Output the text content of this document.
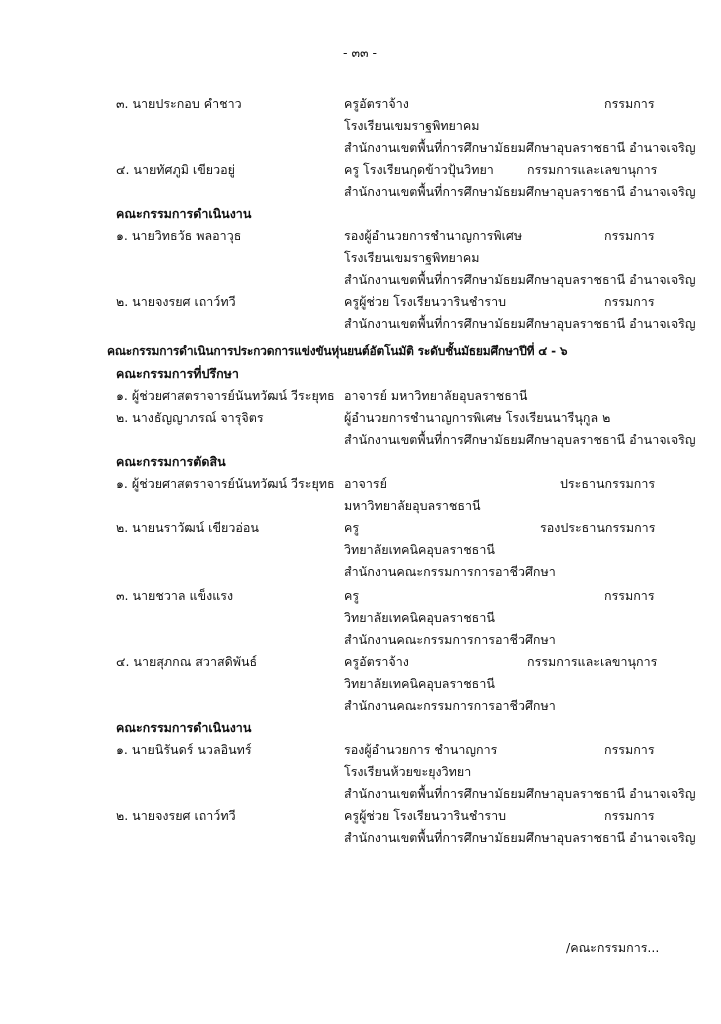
- ๓๓ -
๓. นายประกอบ คำชาว	ครูอัตราจ้าง	กรรมการ
โรงเรียนเขมราฐพิทยาคม
สำนักงานเขตพื้นที่การศึกษามัธยมศึกษาอุบลราชธานี อำนาจเจริญ
๔. นายทัศภูมิ เขียวอยู่	ครู โรงเรียนกุดข้าวปุ้นวิทยา	กรรมการและเลขานุการ
สำนักงานเขตพื้นที่การศึกษามัธยมศึกษาอุบลราชธานี อำนาจเจริญ
คณะกรรมการดำเนินงาน
๑. นายวิทธวัธ พลอาวุธ	รองผู้อำนวยการชำนาญการพิเศษ	กรรมการ
โรงเรียนเขมราฐพิทยาคม
สำนักงานเขตพื้นที่การศึกษามัธยมศึกษาอุบลราชธานี อำนาจเจริญ
๒. นายจงรยศ เถาว์ทวี	ครูผู้ช่วย โรงเรียนวารินชำราบ	กรรมการ
สำนักงานเขตพื้นที่การศึกษามัธยมศึกษาอุบลราชธานี อำนาจเจริญ
คณะกรรมการดำเนินการประกวดการแข่งขันหุ่นยนต์อัตโนมัติ ระดับชั้นมัธยมศึกษาปีที่ ๔ - ๖
คณะกรรมการที่ปรึกษา
๑. ผู้ช่วยศาสตราจารย์นันทวัฒน์ วีระยุทธ อาจารย์ มหาวิทยาลัยอุบลราชธานี
๒. นางธัญญาภรณ์ จารุจิตร	ผู้อำนวยการชำนาญการพิเศษ โรงเรียนนารีนุกูล ๒
สำนักงานเขตพื้นที่การศึกษามัธยมศึกษาอุบลราชธานี อำนาจเจริญ
คณะกรรมการตัดสิน
๑. ผู้ช่วยศาสตราจารย์นันทวัฒน์ วีระยุทธ อาจารย์	ประธานกรรมการ
มหาวิทยาลัยอุบลราชธานี
๒. นายนราวัฒน์ เขียวอ่อน	ครู	รองประธานกรรมการ
วิทยาลัยเทคนิคอุบลราชธานี
สำนักงานคณะกรรมการการอาชีวศึกษา
๓. นายชวาล แข็งแรง	ครู	กรรมการ
วิทยาลัยเทคนิคอุบลราชธานี
สำนักงานคณะกรรมการการอาชีวศึกษา
๔. นายสุภกณ สวาสดิพันธ์	ครูอัตราจ้าง	กรรมการและเลขานุการ
วิทยาลัยเทคนิคอุบลราชธานี
สำนักงานคณะกรรมการการอาชีวศึกษา
คณะกรรมการดำเนินงาน
๑. นายนิรันดร์ นวลอินทร์	รองผู้อำนวยการ ชำนาญการ	กรรมการ
โรงเรียนห้วยขะยุงวิทยา
สำนักงานเขตพื้นที่การศึกษามัธยมศึกษาอุบลราชธานี อำนาจเจริญ
๒. นายจงรยศ เถาว์ทวี	ครูผู้ช่วย โรงเรียนวารินชำราบ	กรรมการ
สำนักงานเขตพื้นที่การศึกษามัธยมศึกษาอุบลราชธานี อำนาจเจริญ
/คณะกรรมการ...
